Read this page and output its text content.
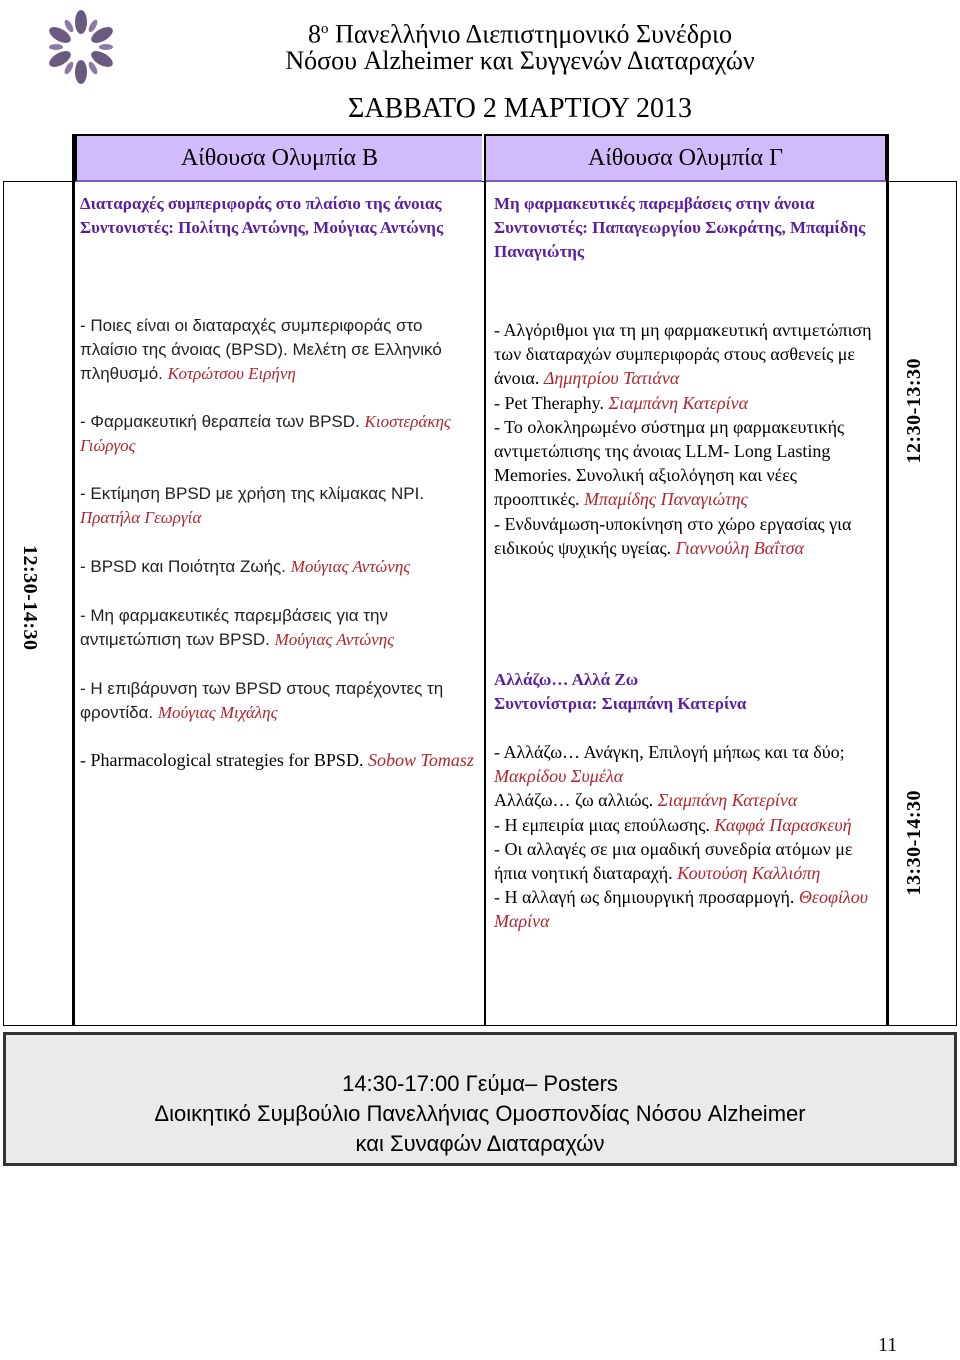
$8^o$ Πανελλήνιο Διεπιστημονικό Συνέδριο
Νόσου Alzheimer και Συγγενών Διαταραχών
ΣΑΒΒΑΤΟ 2 ΜΑΡΤΙΟΥ 2013
Αίθουσα Ολυμπία Β	Αίθουσα Ολυμπία Γ
12:30-14:30
12:30-13:30
13:30-14:30
Διαταραχές συμπεριφοράς στο πλαίσιο της άνοιας
Συντονιστές: Πολίτης Αντώνης, Μούγιας Αντώνης
- Ποιες είναι οι διαταραχές συμπεριφοράς στο πλαίσιο της άνοιας (BPSD). Μελέτη σε Ελληνικό πληθυσμό. Κοτρώτσου Ειρήνη
- Φαρμακευτική θεραπεία των BPSD. Κιοστεράκης Γιώργος
- Εκτίμηση BPSD με χρήση της κλίμακας NPI. Πρατήλα Γεωργία
- BPSD και Ποιότητα Ζωής. Μούγιας Αντώνης
- Μη φαρμακευτικές παρεμβάσεις για την αντιμετώπιση των BPSD. Μούγιας Αντώνης
- Η επιβάρυνση των BPSD στους παρέχοντες τη φροντίδα. Μούγιας Μιχάλης
- Pharmacological strategies for BPSD. Sobow Tomasz
Μη φαρμακευτικές παρεμβάσεις στην άνοια
Συντονιστές: Παπαγεωργίου Σωκράτης, Μπαμίδης Παναγιώτης
- Αλγόριθμοι για τη μη φαρμακευτική αντιμετώπιση των διαταραχών συμπεριφοράς στους ασθενείς με άνοια. Δημητρίου Τατιάνα
- Pet Theraphy. Σιαμπάνη Κατερίνα
- Το ολοκληρωμένο σύστημα μη φαρμακευτικής αντιμετώπισης της άνοιας LLM- Long Lasting Memories. Συνολική αξιολόγηση και νέες προοπτικές. Μπαμίδης Παναγιώτης
- Ενδυνάμωση-υποκίνηση στο χώρο εργασίας για ειδικούς ψυχικής υγείας. Γιαννούλη Βαΐτσα
Αλλάζω… Αλλά Ζω
Συντονίστρια: Σιαμπάνη Κατερίνα
- Αλλάζω… Ανάγκη, Επιλογή μήπως και τα δύο; Μακρίδου Συμέλα
Αλλάζω… ζω αλλιώς. Σιαμπάνη Κατερίνα
- Η εμπειρία μιας επούλωσης. Καφφά Παρασκευή
- Οι αλλαγές σε μια ομαδική συνεδρία ατόμων με ήπια νοητική διαταραχή. Κουτούση Καλλιόπη
- Η αλλαγή ως δημιουργική προσαρμογή. Θεοφίλου Μαρίνα
14:30-17:00 Γεύμα– Posters
Διοικητικό Συμβούλιο Πανελλήνιας Ομοσπονδίας Νόσου Alzheimer
και Συναφών Διαταραχών
11
